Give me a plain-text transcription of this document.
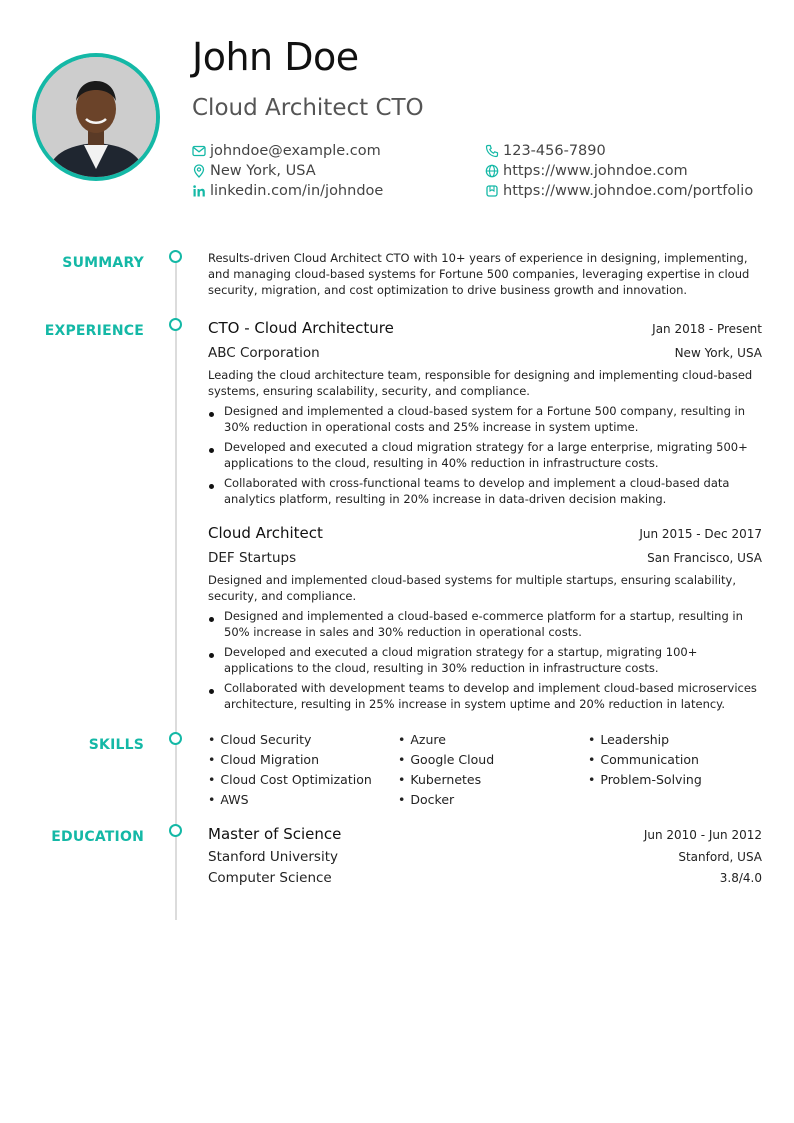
John Doe
Cloud Architect CTO
johndoe@example.com
New York, USA
linkedin.com/in/johndoe
123-456-7890
https://www.johndoe.com
https://www.johndoe.com/portfolio
SUMMARY	Results-driven Cloud Architect CTO with 10+ years of experience in designing, implementing, and managing cloud-based systems for Fortune 500 companies, leveraging expertise in cloud security, migration, and cost optimization to drive business growth and innovation.
EXPERIENCE	CTO - Cloud Architecture	Jan 2018 - Present
ABC Corporation	New York, USA
Leading the cloud architecture team, responsible for designing and implementing cloud-based systems, ensuring scalability, security, and compliance.
Designed and implemented a cloud-based system for a Fortune 500 company, resulting in 30% reduction in operational costs and 25% increase in system uptime.
Developed and executed a cloud migration strategy for a large enterprise, migrating 500+ applications to the cloud, resulting in 40% reduction in infrastructure costs.
Collaborated with cross-functional teams to develop and implement a cloud-based data analytics platform, resulting in 20% increase in data-driven decision making.
Cloud Architect	Jun 2015 - Dec 2017
DEF Startups	San Francisco, USA
Designed and implemented cloud-based systems for multiple startups, ensuring scalability, security, and compliance.
Designed and implemented a cloud-based e-commerce platform for a startup, resulting in 50% increase in sales and 30% reduction in operational costs.
Developed and executed a cloud migration strategy for a startup, migrating 100+ applications to the cloud, resulting in 30% reduction in infrastructure costs.
Collaborated with development teams to develop and implement cloud-based microservices architecture, resulting in 25% increase in system uptime and 20% reduction in latency.
SKILLS	• Cloud Security	• Azure	• Leadership
• Cloud Migration	• Google Cloud	• Communication
• Cloud Cost Optimization	• Kubernetes	• Problem-Solving
• AWS	• Docker
EDUCATION	Master of Science	Jun 2010 - Jun 2012
Stanford University	Stanford, USA
Computer Science	3.8/4.0
